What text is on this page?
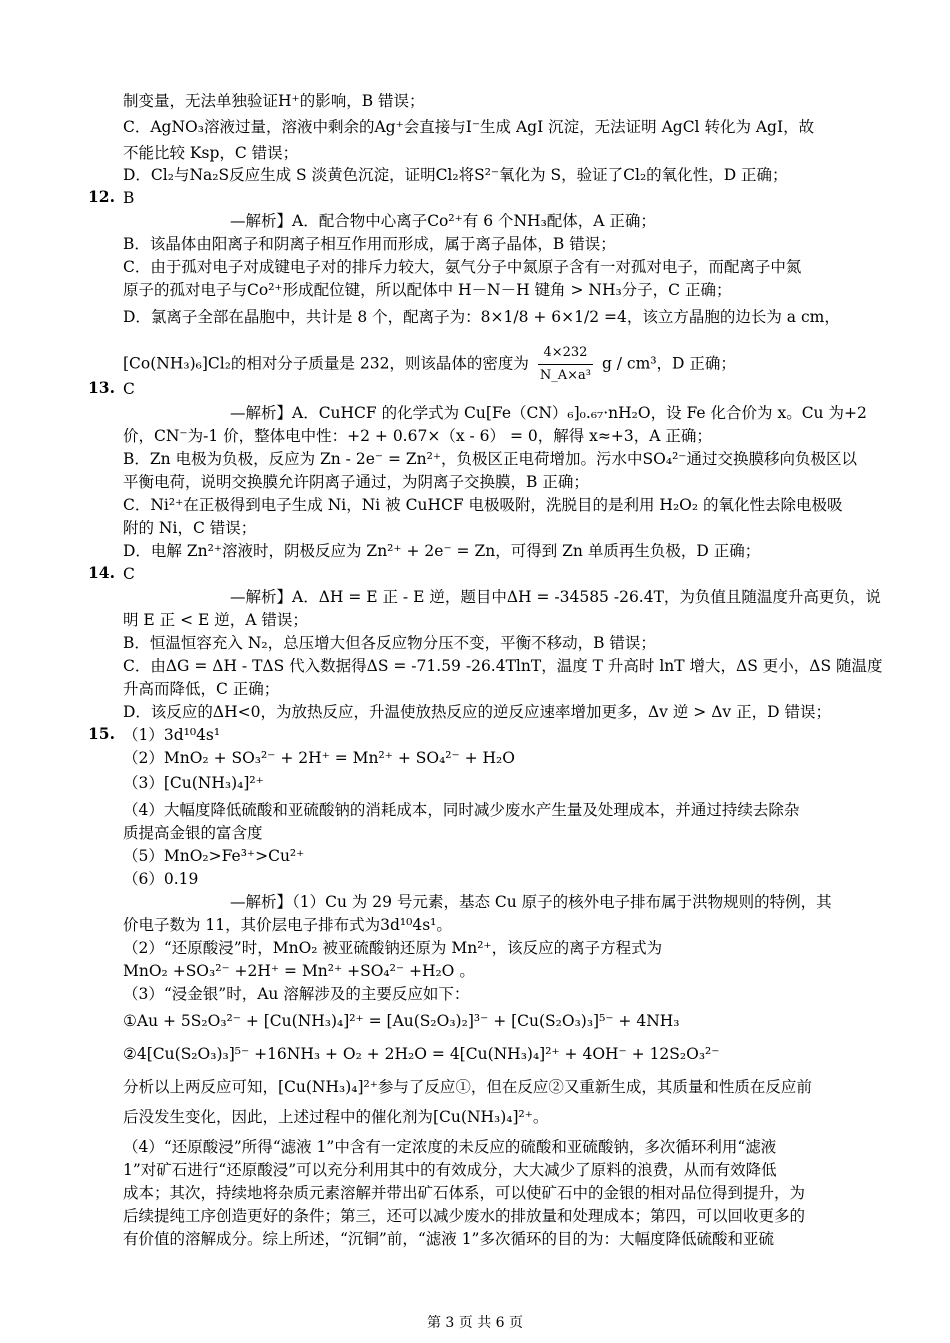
制变量，无法单独验证H⁺的影响，B 错误；
C．AgNO₃溶液过量，溶液中剩余的Ag⁺会直接与I⁻生成 AgI 沉淀，无法证明 AgCl 转化为 AgI，故
不能比较 Ksp，C 错误；
D．Cl₂与Na₂S反应生成 S 淡黄色沉淀，证明Cl₂将S²⁻氧化为 S，验证了Cl₂的氧化性，D 正确；
12. B
—解析】A．配合物中心离子Co²⁺有 6 个NH₃配体，A 正确；
B．该晶体由阳离子和阴离子相互作用而形成，属于离子晶体，B 错误；
C．由于孤对电子对成键电子对的排斥力较大，氨气分子中氮原子含有一对孤对电子，而配离子中氮
原子的孤对电子与Co²⁺形成配位键，所以配体中 H－N－H 键角 > NH₃分子，C 正确；
D．氯离子全部在晶胞中，共计是 8 个，配离子为：8×1/8 + 6×1/2 =4，该立方晶胞的边长为 a cm，
[Co(NH₃)₆]Cl₂的相对分子质量是 232，则该晶体的密度为 $\frac{4\times 232}{\text{N\_A×a³}}$ g / cm³，D 正确；
13. C
—解析】A．CuHCF 的化学式为 Cu[Fe（CN）₆]₀.₆₇·nH₂O，设 Fe 化合价为 x。Cu 为+2
价，CN⁻为-1 价，整体电中性：+2 + 0.67×（x - 6） = 0，解得 x≈+3，A 正确；
B．Zn 电极为负极，反应为 Zn - 2e⁻ = Zn²⁺，负极区正电荷增加。污水中SO₄²⁻通过交换膜移向负极区以
平衡电荷，说明交换膜允许阴离子通过，为阴离子交换膜，B 正确；
C．Ni²⁺在正极得到电子生成 Ni，Ni 被 CuHCF 电极吸附，洗脱目的是利用 H₂O₂ 的氧化性去除电极吸
附的 Ni，C 错误；
D．电解 Zn²⁺溶液时，阴极反应为 Zn²⁺ + 2e⁻ = Zn，可得到 Zn 单质再生负极，D 正确；
14. C
—解析】A．ΔH = E 正 - E 逆，题目中ΔH = -34585 -26.4T，为负值且随温度升高更负，说
明 E 正 < E 逆，A 错误；
B．恒温恒容充入 N₂，总压增大但各反应物分压不变，平衡不移动，B 错误；
C．由ΔG = ΔH - TΔS 代入数据得ΔS = -71.59 -26.4TlnT，温度 T 升高时 lnT 增大，ΔS 更小，ΔS 随温度
升高而降低，C 正确；
D．该反应的ΔH<0，为放热反应，升温使放热反应的逆反应速率增加更多，Δv 逆 > Δv 正，D 错误；
15. （1）3d¹⁰4s¹
（2）MnO₂ + SO₃²⁻ + 2H⁺ = Mn²⁺ + SO₄²⁻ + H₂O
（3）[Cu(NH₃)₄]²⁺
（4）大幅度降低硫酸和亚硫酸钠的消耗成本，同时减少废水产生量及处理成本，并通过持续去除杂
质提高金银的富含度
（5）MnO₂>Fe³⁺>Cu²⁺
（6）0.19
—解析】（1）Cu 为 29 号元素，基态 Cu 原子的核外电子排布属于洪物规则的特例，其
价电子数为 11，其价层电子排布式为3d¹⁰4s¹。
（2）“还原酸浸”时，MnO₂ 被亚硫酸钠还原为 Mn²⁺，该反应的离子方程式为
MnO₂ +SO₃²⁻ +2H⁺ = Mn²⁺ +SO₄²⁻ +H₂O 。
（3）“浸金银”时，Au 溶解涉及的主要反应如下：
①Au + 5S₂O₃²⁻ + [Cu(NH₃)₄]²⁺ = [Au(S₂O₃)₂]³⁻ + [Cu(S₂O₃)₃]⁵⁻ + 4NH₃
②4[Cu(S₂O₃)₃]⁵⁻ +16NH₃ + O₂ + 2H₂O = 4[Cu(NH₃)₄]²⁺ + 4OH⁻ + 12S₂O₃²⁻
分析以上两反应可知，[Cu(NH₃)₄]²⁺参与了反应①，但在反应②又重新生成，其质量和性质在反应前
后没发生变化，因此，上述过程中的催化剂为[Cu(NH₃)₄]²⁺。
（4）“还原酸浸”所得“滤液 1”中含有一定浓度的未反应的硫酸和亚硫酸钠，多次循环利用“滤液
1”对矿石进行“还原酸浸”可以充分利用其中的有效成分，大大减少了原料的浪费，从而有效降低
成本；其次，持续地将杂质元素溶解并带出矿石体系，可以使矿石中的金银的相对品位得到提升，为
后续提纯工序创造更好的条件；第三，还可以减少废水的排放量和处理成本；第四，可以回收更多的
有价值的溶解成分。综上所述，“沉铜”前，“滤液 1”多次循环的目的为：大幅度降低硫酸和亚硫
第 3 页 共 6 页
